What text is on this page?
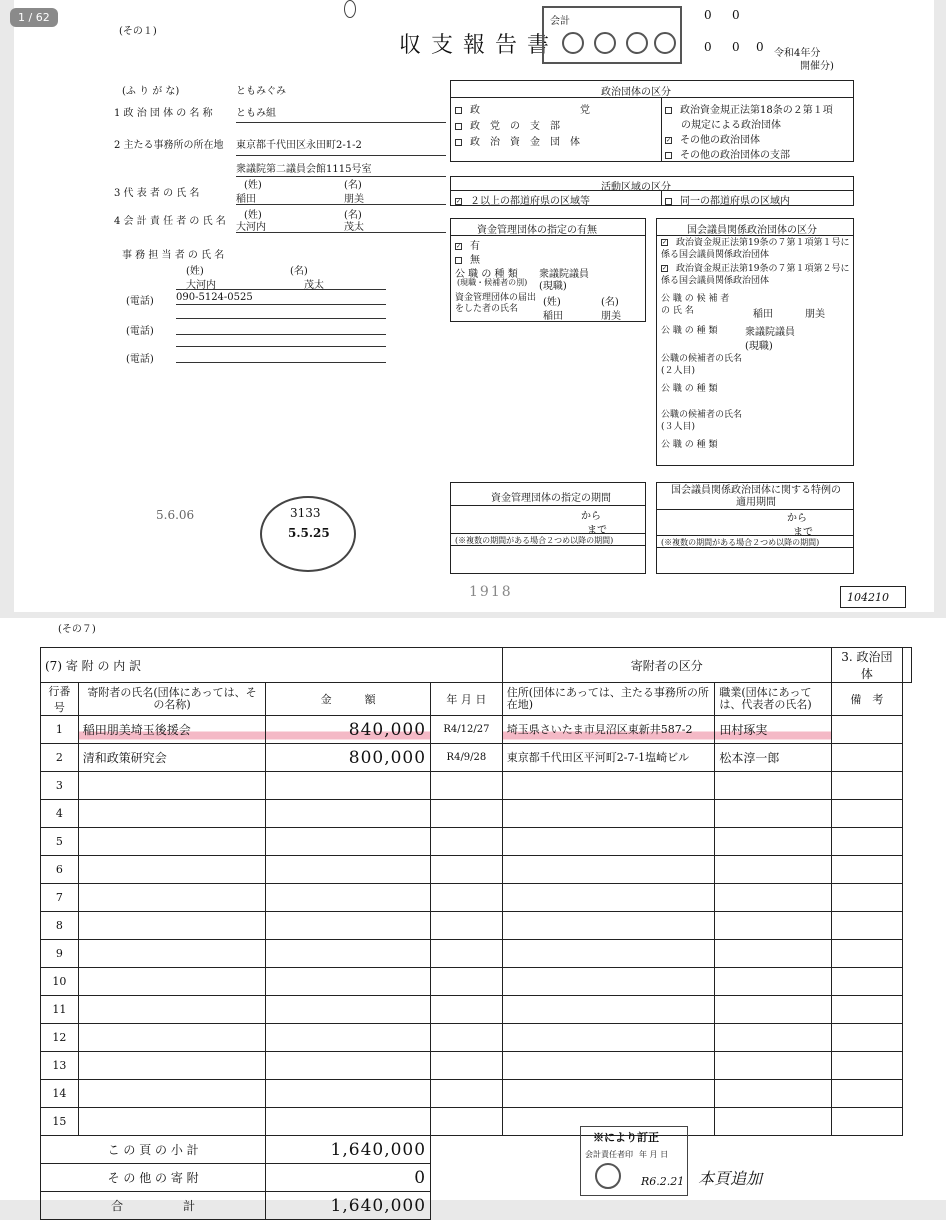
(その１)
収支報告書
会計	0 0
0 0 0 令和4年分
開催分)
(ふ り が な)	ともみぐみ
1 政 治 団 体 の 名 称 ともみ組
2 主たる事務所の所在地 東京都千代田区永田町2-1-2
衆議院第二議員会館1115号室
(姓)	(名)
3 代 表 者 の 氏 名
稲田	朋美
(姓)	(名)
4 会 計 責 任 者 の 氏 名
大河内	茂太
事 務 担 当 者 の 氏 名
(姓)	(名)
大河内	茂太
(電話) 090-5124-0525
(電話)
(電話)
政治団体の区分
政　　　　　　　　　　党
政　党　の　支　部
政　治　資　金　団　体
政治資金規正法第18条の２第１項
の規定による政治団体
✓ その他の政治団体
その他の政治団体の支部
活動区域の区分
✓ ２以上の都道府県の区域等	同一の都道府県の区域内
資金管理団体の指定の有無
✓ 有
無
公 職 の 種 類 衆議院議員
(現職・候補者の別) (現職)
資金管理団体の届出をした者の氏名
(姓)	(名)
稲田	朋美
国会議員関係政治団体の区分
✓ 政治資金規正法第19条の７第１項第１号に係る国会議員関係政治団体
✓ 政治資金規正法第19条の７第１項第２号に係る国会議員関係政治団体
公 職 の 候 補 者 の 氏 名	稲田	朋美
公 職 の 種 類	衆議院議員
(現職)
公職の候補者の氏名(２人目)
公 職 の 種 類
公職の候補者の氏名(３人目)
公 職 の 種 類
資金管理団体の指定の期間
から
まで
(※複数の期間がある場合２つめ以降の期間)
国会議員関係政治団体に関する特例の適用期間
から
まで
(※複数の期間がある場合２つめ以降の期間)
5.6.06	3133
5.5.25
1918	104210
1 / 62
(その７)
(7) 寄 附 の 内 訳				寄附者の区分		3. 政治団体	
行番号	寄附者の氏名(団体にあっては、その名称)	金　　　額	年 月 日	住所(団体にあっては、主たる事務所の所在地)	職業(団体にあっては、代表者の氏名)	備　考	
1	稲田朋美埼玉後援会	840,000	R4/12/27	埼玉県さいたま市見沼区東新井587-2	田村琢実		
2	清和政策研究会	800,000	R4/9/28	東京都千代田区平河町2-7-1塩崎ビル	松本淳一郎		
3							
4							
5							
6							
7							
8							
9							
10							
11							
12							
13							
14							
15							
こ の 頁 の 小 計		1,640,000					
そ の 他 の 寄 附		0					
合　　　　　計		1,640,000					
※により訂正
会計責任者印 年 月 日
R6.2.21 本頁追加
